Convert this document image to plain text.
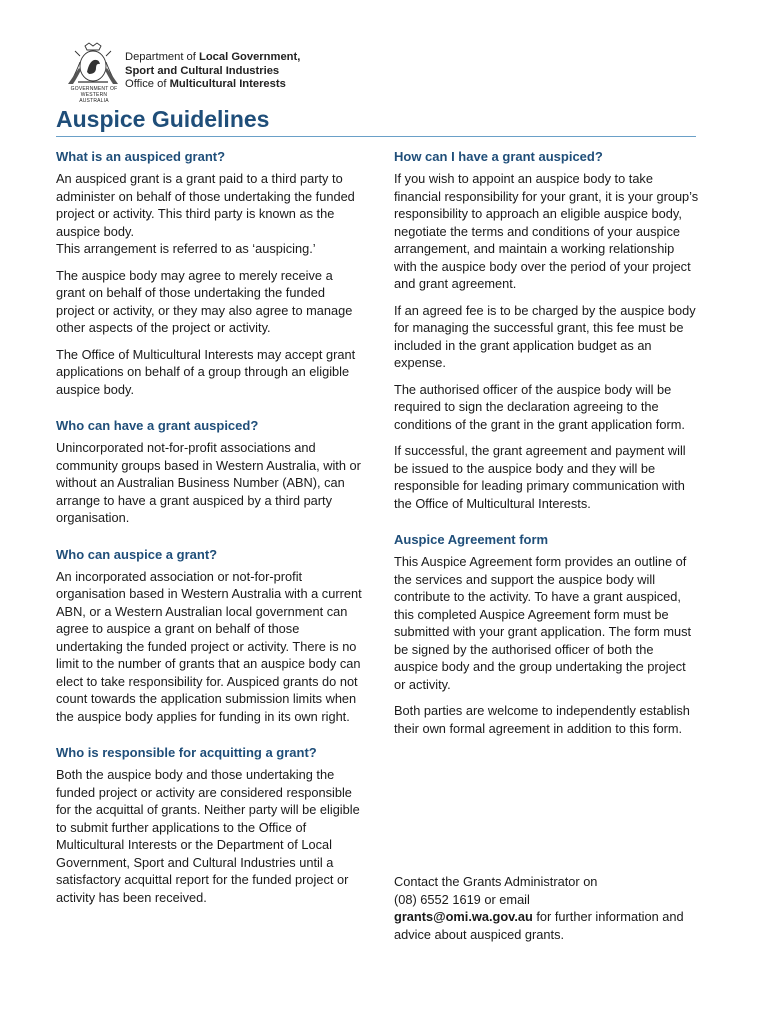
GOVERNMENT OF
WESTERN AUSTRALIA
Department of Local Government,
Sport and Cultural Industries
Office of Multicultural Interests
Auspice Guidelines
What is an auspiced grant?

An auspiced grant is a grant paid to a third party to administer on behalf of those undertaking the funded project or activity. This third party is known as the auspice body.
This arrangement is referred to as ‘auspicing.’

The auspice body may agree to merely receive a grant on behalf of those undertaking the funded project or activity, or they may also agree to manage other aspects of the project or activity.

The Office of Multicultural Interests may accept grant applications on behalf of a group through an eligible auspice body.

Who can have a grant auspiced?

Unincorporated not-for-profit associations and community groups based in Western Australia, with or without an Australian Business Number (ABN), can arrange to have a grant auspiced by a third party organisation.

Who can auspice a grant?

An incorporated association or not-for-profit organisation based in Western Australia with a current ABN, or a Western Australian local government can agree to auspice a grant on behalf of those undertaking the funded project or activity. There is no limit to the number of grants that an auspice body can elect to take responsibility for. Auspiced grants do not count towards the application submission limits when the auspice body applies for funding in its own right.

Who is responsible for acquitting a grant?

Both the auspice body and those undertaking the funded project or activity are considered responsible for the acquittal of grants. Neither party will be eligible to submit further applications to the Office of Multicultural Interests or the Department of Local Government, Sport and Cultural Industries until a satisfactory acquittal report for the funded project or activity has been received.

How can I have a grant auspiced?

If you wish to appoint an auspice body to take financial responsibility for your grant, it is your group’s responsibility to approach an eligible auspice body, negotiate the terms and conditions of your auspice arrangement, and maintain a working relationship with the auspice body over the period of your project and grant agreement.

If an agreed fee is to be charged by the auspice body for managing the successful grant, this fee must be included in the grant application budget as an expense.

The authorised officer of the auspice body will be required to sign the declaration agreeing to the conditions of the grant in the grant application form.

If successful, the grant agreement and payment will be issued to the auspice body and they will be responsible for leading primary communication with the Office of Multicultural Interests.

Auspice Agreement form

This Auspice Agreement form provides an outline of the services and support the auspice body will contribute to the activity. To have a grant auspiced, this completed Auspice Agreement form must be submitted with your grant application. The form must be signed by the authorised officer of both the auspice body and the group undertaking the project or activity.

Both parties are welcome to independently establish their own formal agreement in addition to this form.

Contact the Grants Administrator on

(08) 6552 1619 or email

grants@omi.wa.gov.au for further information and advice about auspiced grants.
